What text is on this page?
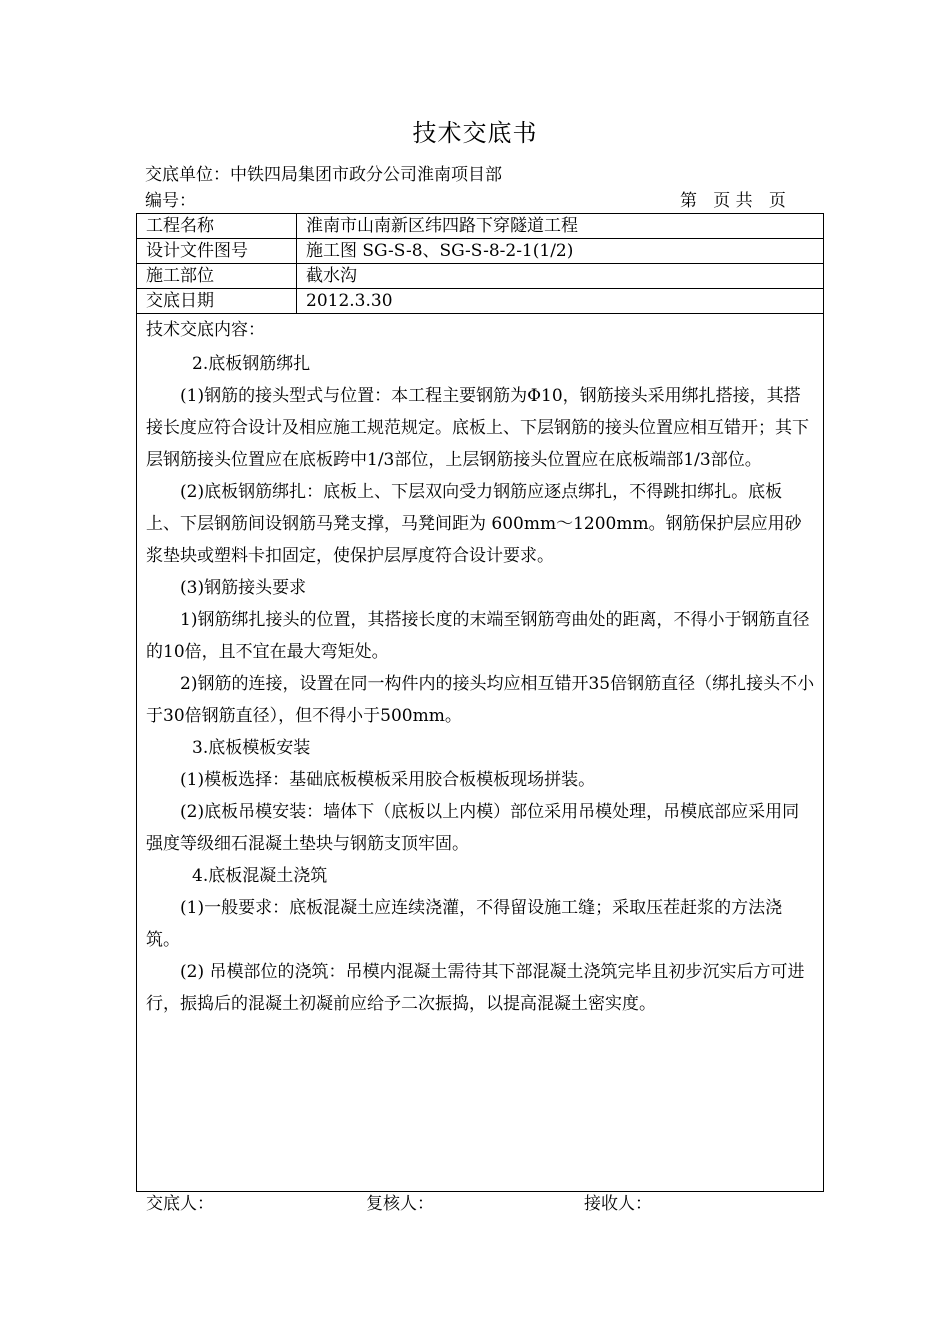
技术交底书
交底单位：中铁四局集团市政分公司淮南项目部
编号：	第   页 共   页
工程名称	淮南市山南新区纬四路下穿隧道工程
设计文件图号	施工图 SG-S-8、SG-S-8-2-1(1/2)
施工部位	截水沟
交底日期	2012.3.30
技术交底内容：

2.底板钢筋绑扎

(1)钢筋的接头型式与位置：本工程主要钢筋为Φ10，钢筋接头采用绑扎搭接，其搭接长度应符合设计及相应施工规范规定。底板上、下层钢筋的接头位置应相互错开；其下层钢筋接头位置应在底板跨中1/3部位，上层钢筋接头位置应在底板端部1/3部位。

(2)底板钢筋绑扎：底板上、下层双向受力钢筋应逐点绑扎，不得跳扣绑扎。底板上、下层钢筋间设钢筋马凳支撑，马凳间距为 600mm～1200mm。钢筋保护层应用砂浆垫块或塑料卡扣固定，使保护层厚度符合设计要求。

(3)钢筋接头要求

1)钢筋绑扎接头的位置，其搭接长度的末端至钢筋弯曲处的距离，不得小于钢筋直径的10倍，且不宜在最大弯矩处。

2)钢筋的连接，设置在同一构件内的接头均应相互错开35倍钢筋直径（绑扎接头不小于30倍钢筋直径），但不得小于500mm。

3.底板模板安装

(1)模板选择：基础底板模板采用胶合板模板现场拼装。

(2)底板吊模安装：墙体下（底板以上内模）部位采用吊模处理，吊模底部应采用同强度等级细石混凝土垫块与钢筋支顶牢固。

4.底板混凝土浇筑

(1)一般要求：底板混凝土应连续浇灌，不得留设施工缝；采取压茬赶浆的方法浇筑。

(2) 吊模部位的浇筑：吊模内混凝土需待其下部混凝土浇筑完毕且初步沉实后方可进行，振捣后的混凝土初凝前应给予二次振捣，以提高混凝土密实度。

交底人：	复核人：	接收人：
